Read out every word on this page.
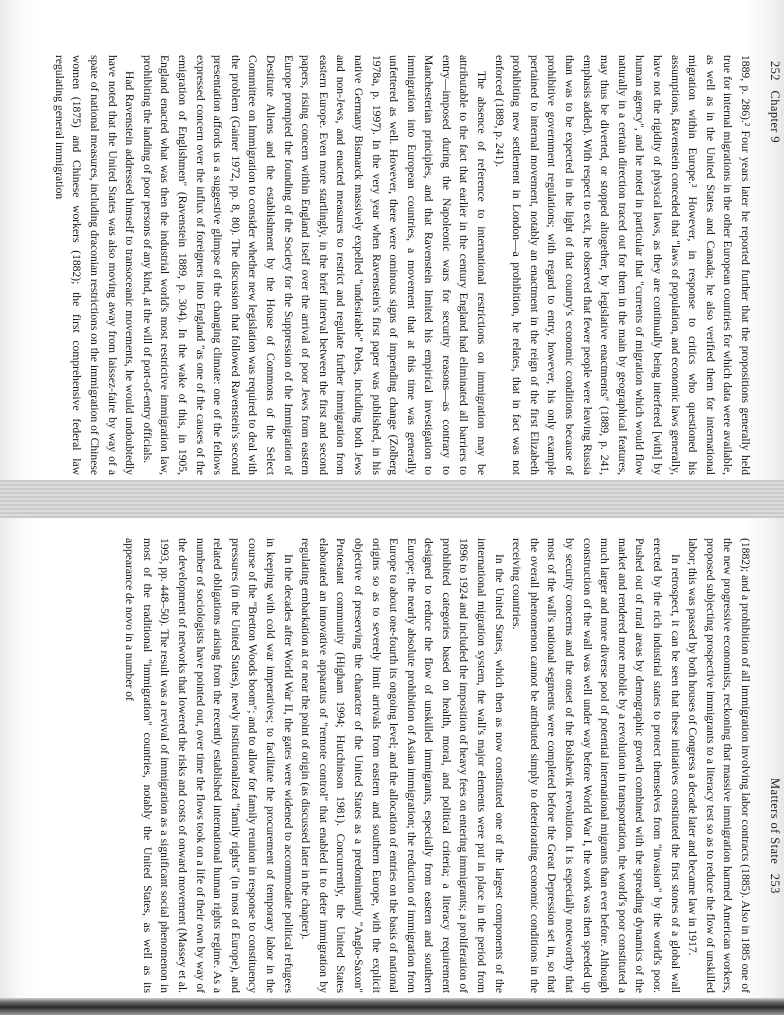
252 Chapter 9

1889, p. 286).² Four years later he reported further that the propositions generally held true for internal migrations in the other European countries for which data were available, as well as in the United States and Canada; he also verified them for international migration within Europe.³ However, in response to critics who questioned his assumptions, Ravenstein conceded that "laws of population, and economic laws generally, have not the rigidity of physical laws, as they are continually being interfered [with] by human agency", and he noted in particular that "currents of migration which would flow naturally in a certain direction traced out for them in the main by geographical features, may thus be diverted, or stopped altogether, by legislative enactments" (1889, p. 241, emphasis added). With respect to exit, he observed that fewer people were leaving Russia than was to be expected in the light of that country's economic conditions because of prohibitive government regulations; with regard to entry, however, his only example pertained to internal movement, notably an enactment in the reign of the first Elizabeth prohibiting new settlement in London—a prohibition, he relates, that in fact was not enforced (1889, p. 241).

The absence of reference to international restrictions on immigration may be attributable to the fact that earlier in the century England had eliminated all barriers to entry—imposed during the Napoleonic wars for security reasons—as contrary to Manchesterian principles, and that Ravenstein limited his empirical investigation to immigration into European countries, a movement that at this time was generally unfettered as well. However, there were ominous signs of impending change (Zolberg 1978a, p. 1997). In the very year when Ravenstein's first paper was published, in his native Germany Bismarck massively expelled "undesirable" Poles, including both Jews and non-Jews, and enacted measures to restrict and regulate further immigration from eastern Europe. Even more startlingly, in the brief interval between the first and second papers, rising concern within England itself over the arrival of poor Jews from eastern Europe prompted the founding of the Society for the Suppression of the Immigration of Destitute Aliens and the establishment by the House of Commons of the Select Committee on Immigration to consider whether new legislation was required to deal with the problem (Gainer 1972, pp. 8, 80). The discussion that followed Ravenstein's second presentation affords us a suggestive glimpse of the changing climate: one of the fellows expressed concern over the influx of foreigners into England "as one of the causes of the emigration of Englishmen" (Ravenstein 1889, p. 304). In the wake of this, in 1905, England enacted what was then the industrial world's most restrictive immigration law, prohibiting the landing of poor persons of any kind, at the will of port-of-entry officials.

Had Ravenstein addressed himself to transoceanic movements, he would undoubtedly have noted that the United States was also moving away from laissez-faire by way of a spate of national measures, including draconian restrictions on the immigration of Chinese women (1875) and Chinese workers (1882); the first comprehensive federal law regulating general immigration

Matters of State 253

(1882); and a prohibition of all immigration involving labor contracts (1885). Also in 1885 one of the new progressive economists, reckoning that massive immigration harmed American workers, proposed subjecting prospective immigrants to a literacy test so as to reduce the flow of unskilled labor; this was passed by both houses of Congress a decade later and became law in 1917.

In retrospect, it can be seen that these initiatives constituted the first stones of a global wall erected by the rich industrial states to protect themselves from "invasion" by the world's poor. Pushed out of rural areas by demographic growth combined with the spreading dynamics of the market and rendered more mobile by a revolution in transportation, the world's poor constituted a much larger and more diverse pool of potential international migrants than ever before. Although construction of the wall was well under way before World War I, the work was then speeded up by security concerns and the onset of the Bolshevik revolution. It is especially noteworthy that most of the wall's national segments were completed before the Great Depression set in, so that the overall phenomenon cannot be attributed simply to deteriorating economic conditions in the receiving countries.

In the United States, which then as now constituted one of the largest components of the international migration system, the wall's major elements were put in place in the period from 1896 to 1924 and included the imposition of heavy fees on entering immigrants; a proliferation of prohibited categories based on health, moral, and political criteria; a literacy requirement designed to reduce the flow of unskilled immigrants, especially from eastern and southern Europe; the nearly absolute prohibition of Asian immigration; the reduction of immigration from Europe to about one-fourth its ongoing level; and the allocation of entries on the basis of national origins so as to severely limit arrivals from eastern and southern Europe, with the explicit objective of preserving the character of the United States as a predominantly "Anglo-Saxon" Protestant community (Higham 1994; Hutchinson 1981). Concurrently, the United States elaborated an innovative apparatus of "remote control" that enabled it to deter immigration by regulating embarkation at or near the point of origin (as discussed later in the chapter).

In the decades after World War II, the gates were widened to accommodate political refugees in keeping with cold war imperatives; to facilitate the procurement of temporary labor in the course of the "Bretton Woods boom"; and to allow for family reunion in response to constituency pressures (in the United States), newly institutionalized "family rights" (in most of Europe), and related obligations arising from the recently established international human rights regime. As a number of sociologists have pointed out, over time the flows took on a life of their own by way of the development of networks that lowered the risks and costs of onward movement (Massey et al. 1993, pp. 448–50). The result was a revival of immigration as a significant social phenomenon in most of the traditional "immigration" countries, notably the United States, as well as its appearance de novo in a number of
